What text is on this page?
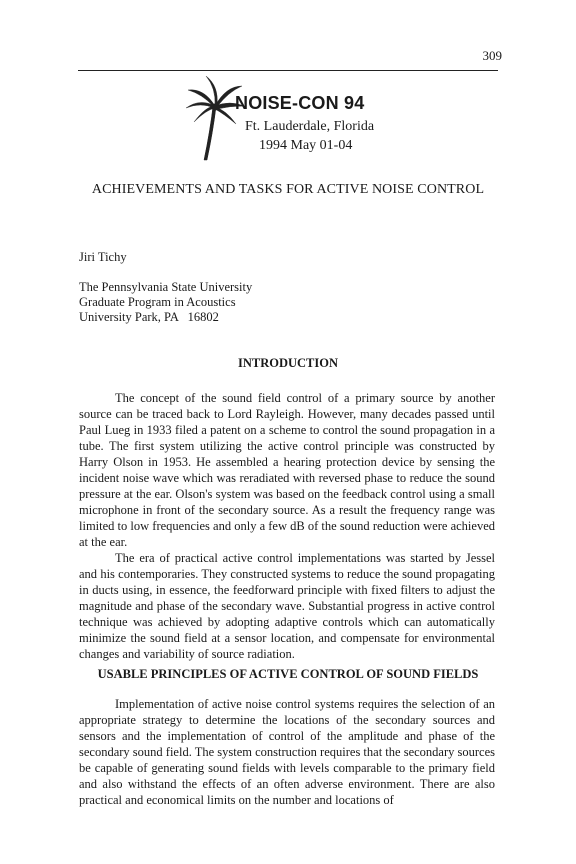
309
NOISE-CON 94
Ft. Lauderdale, Florida
1994 May 01-04
ACHIEVEMENTS AND TASKS FOR ACTIVE NOISE CONTROL
Jiri Tichy
The Pennsylvania State University
Graduate Program in Acoustics
University Park, PA   16802
INTRODUCTION

The concept of the sound field control of a primary source by another source can be traced back to Lord Rayleigh. However, many decades passed until Paul Lueg in 1933 filed a patent on a scheme to control the sound propagation in a tube. The first system utilizing the active control principle was constructed by Harry Olson in 1953. He assembled a hearing protection device by sensing the incident noise wave which was reradiated with reversed phase to reduce the sound pressure at the ear. Olson's system was based on the feedback control using a small microphone in front of the secondary source. As a result the frequency range was limited to low frequencies and only a few dB of the sound reduction were achieved at the ear.

The era of practical active control implementations was started by Jessel and his contemporaries. They constructed systems to reduce the sound propagating in ducts using, in essence, the feedforward principle with fixed filters to adjust the magnitude and phase of the secondary wave. Substantial progress in active control technique was achieved by adopting adaptive controls which can automatically minimize the sound field at a sensor location, and compensate for environmental changes and variability of source radiation.

USABLE PRINCIPLES OF ACTIVE CONTROL OF SOUND FIELDS

Implementation of active noise control systems requires the selection of an appropriate strategy to determine the locations of the secondary sources and sensors and the implementation of control of the amplitude and phase of the secondary sound field. The system construction requires that the secondary sources be capable of generating sound fields with levels comparable to the primary field and also withstand the effects of an often adverse environment. There are also practical and economical limits on the number and locations of
